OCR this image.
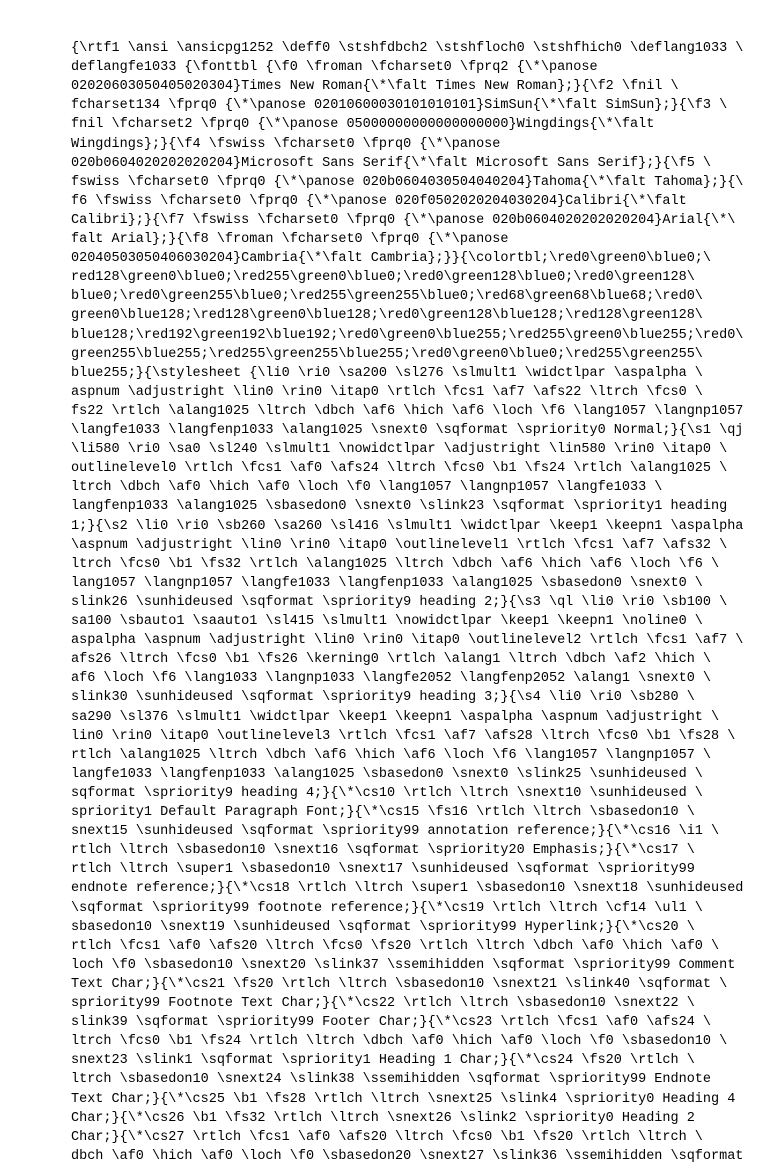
{\rtf1 \ansi \ansicpg1252 \deff0 \stshfdbch2 \stshfloch0 \stshfhich0 \deflang1033 \
deflangfe1033 {\fonttbl {\f0 \froman \fcharset0 \fprq2 {\*\panose
02020603050405020304}Times New Roman{\*\falt Times New Roman};}{\f2 \fnil \
fcharset134 \fprq0 {\*\panose 02010600030101010101}SimSun{\*\falt SimSun};}{\f3 \
fnil \fcharset2 \fprq0 {\*\panose 05000000000000000000}Wingdings{\*\falt
Wingdings};}{\f4 \fswiss \fcharset0 \fprq0 {\*\panose
020b0604020202020204}Microsoft Sans Serif{\*\falt Microsoft Sans Serif};}{\f5 \
fswiss \fcharset0 \fprq0 {\*\panose 020b0604030504040204}Tahoma{\*\falt Tahoma};}{\
f6 \fswiss \fcharset0 \fprq0 {\*\panose 020f0502020204030204}Calibri{\*\falt
Calibri};}{\f7 \fswiss \fcharset0 \fprq0 {\*\panose 020b0604020202020204}Arial{\*\
falt Arial};}{\f8 \froman \fcharset0 \fprq0 {\*\panose
02040503050406030204}Cambria{\*\falt Cambria};}}{\colortbl;\red0\green0\blue0;\
red128\green0\blue0;\red255\green0\blue0;\red0\green128\blue0;\red0\green128\
blue0;\red0\green255\blue0;\red255\green255\blue0;\red68\green68\blue68;\red0\
green0\blue128;\red128\green0\blue128;\red0\green128\blue128;\red128\green128\
blue128;\red192\green192\blue192;\red0\green0\blue255;\red255\green0\blue255;\red0\
green255\blue255;\red255\green255\blue255;\red0\green0\blue0;\red255\green255\
blue255;}{\stylesheet {\li0 \ri0 \sa200 \sl276 \slmult1 \widctlpar \aspalpha \
aspnum \adjustright \lin0 \rin0 \itap0 \rtlch \fcs1 \af7 \afs22 \ltrch \fcs0 \
fs22 \rtlch \alang1025 \ltrch \dbch \af6 \hich \af6 \loch \f6 \lang1057 \langnp1057
\langfe1033 \langfenp1033 \alang1025 \snext0 \sqformat \spriority0 Normal;}{\s1 \qj
\li580 \ri0 \sa0 \sl240 \slmult1 \nowidctlpar \adjustright \lin580 \rin0 \itap0 \
outlinelevel0 \rtlch \fcs1 \af0 \afs24 \ltrch \fcs0 \b1 \fs24 \rtlch \alang1025 \
ltrch \dbch \af0 \hich \af0 \loch \f0 \lang1057 \langnp1057 \langfe1033 \
langfenp1033 \alang1025 \sbasedon0 \snext0 \slink23 \sqformat \spriority1 heading
1;}{\s2 \li0 \ri0 \sb260 \sa260 \sl416 \slmult1 \widctlpar \keep1 \keepn1 \aspalpha
\aspnum \adjustright \lin0 \rin0 \itap0 \outlinelevel1 \rtlch \fcs1 \af7 \afs32 \
ltrch \fcs0 \b1 \fs32 \rtlch \alang1025 \ltrch \dbch \af6 \hich \af6 \loch \f6 \
lang1057 \langnp1057 \langfe1033 \langfenp1033 \alang1025 \sbasedon0 \snext0 \
slink26 \sunhideused \sqformat \spriority9 heading 2;}{\s3 \ql \li0 \ri0 \sb100 \
sa100 \sbauto1 \saauto1 \sl415 \slmult1 \nowidctlpar \keep1 \keepn1 \noline0 \
aspalpha \aspnum \adjustright \lin0 \rin0 \itap0 \outlinelevel2 \rtlch \fcs1 \af7 \
afs26 \ltrch \fcs0 \b1 \fs26 \kerning0 \rtlch \alang1 \ltrch \dbch \af2 \hich \
af6 \loch \f6 \lang1033 \langnp1033 \langfe2052 \langfenp2052 \alang1 \snext0 \
slink30 \sunhideused \sqformat \spriority9 heading 3;}{\s4 \li0 \ri0 \sb280 \
sa290 \sl376 \slmult1 \widctlpar \keep1 \keepn1 \aspalpha \aspnum \adjustright \
lin0 \rin0 \itap0 \outlinelevel3 \rtlch \fcs1 \af7 \afs28 \ltrch \fcs0 \b1 \fs28 \
rtlch \alang1025 \ltrch \dbch \af6 \hich \af6 \loch \f6 \lang1057 \langnp1057 \
langfe1033 \langfenp1033 \alang1025 \sbasedon0 \snext0 \slink25 \sunhideused \
sqformat \spriority9 heading 4;}{\*\cs10 \rtlch \ltrch \snext10 \sunhideused \
spriority1 Default Paragraph Font;}{\*\cs15 \fs16 \rtlch \ltrch \sbasedon10 \
snext15 \sunhideused \sqformat \spriority99 annotation reference;}{\*\cs16 \i1 \
rtlch \ltrch \sbasedon10 \snext16 \sqformat \spriority20 Emphasis;}{\*\cs17 \
rtlch \ltrch \super1 \sbasedon10 \snext17 \sunhideused \sqformat \spriority99
endnote reference;}{\*\cs18 \rtlch \ltrch \super1 \sbasedon10 \snext18 \sunhideused
\sqformat \spriority99 footnote reference;}{\*\cs19 \rtlch \ltrch \cf14 \ul1 \
sbasedon10 \snext19 \sunhideused \sqformat \spriority99 Hyperlink;}{\*\cs20 \
rtlch \fcs1 \af0 \afs20 \ltrch \fcs0 \fs20 \rtlch \ltrch \dbch \af0 \hich \af0 \
loch \f0 \sbasedon10 \snext20 \slink37 \ssemihidden \sqformat \spriority99 Comment
Text Char;}{\*\cs21 \fs20 \rtlch \ltrch \sbasedon10 \snext21 \slink40 \sqformat \
spriority99 Footnote Text Char;}{\*\cs22 \rtlch \ltrch \sbasedon10 \snext22 \
slink39 \sqformat \spriority99 Footer Char;}{\*\cs23 \rtlch \fcs1 \af0 \afs24 \
ltrch \fcs0 \b1 \fs24 \rtlch \ltrch \dbch \af0 \hich \af0 \loch \f0 \sbasedon10 \
snext23 \slink1 \sqformat \spriority1 Heading 1 Char;}{\*\cs24 \fs20 \rtlch \
ltrch \sbasedon10 \snext24 \slink38 \ssemihidden \sqformat \spriority99 Endnote
Text Char;}{\*\cs25 \b1 \fs28 \rtlch \ltrch \snext25 \slink4 \spriority0 Heading 4
Char;}{\*\cs26 \b1 \fs32 \rtlch \ltrch \snext26 \slink2 \spriority0 Heading 2
Char;}{\*\cs27 \rtlch \fcs1 \af0 \afs20 \ltrch \fcs0 \b1 \fs20 \rtlch \ltrch \
dbch \af0 \hich \af0 \loch \f0 \sbasedon20 \snext27 \slink36 \ssemihidden \sqformat
